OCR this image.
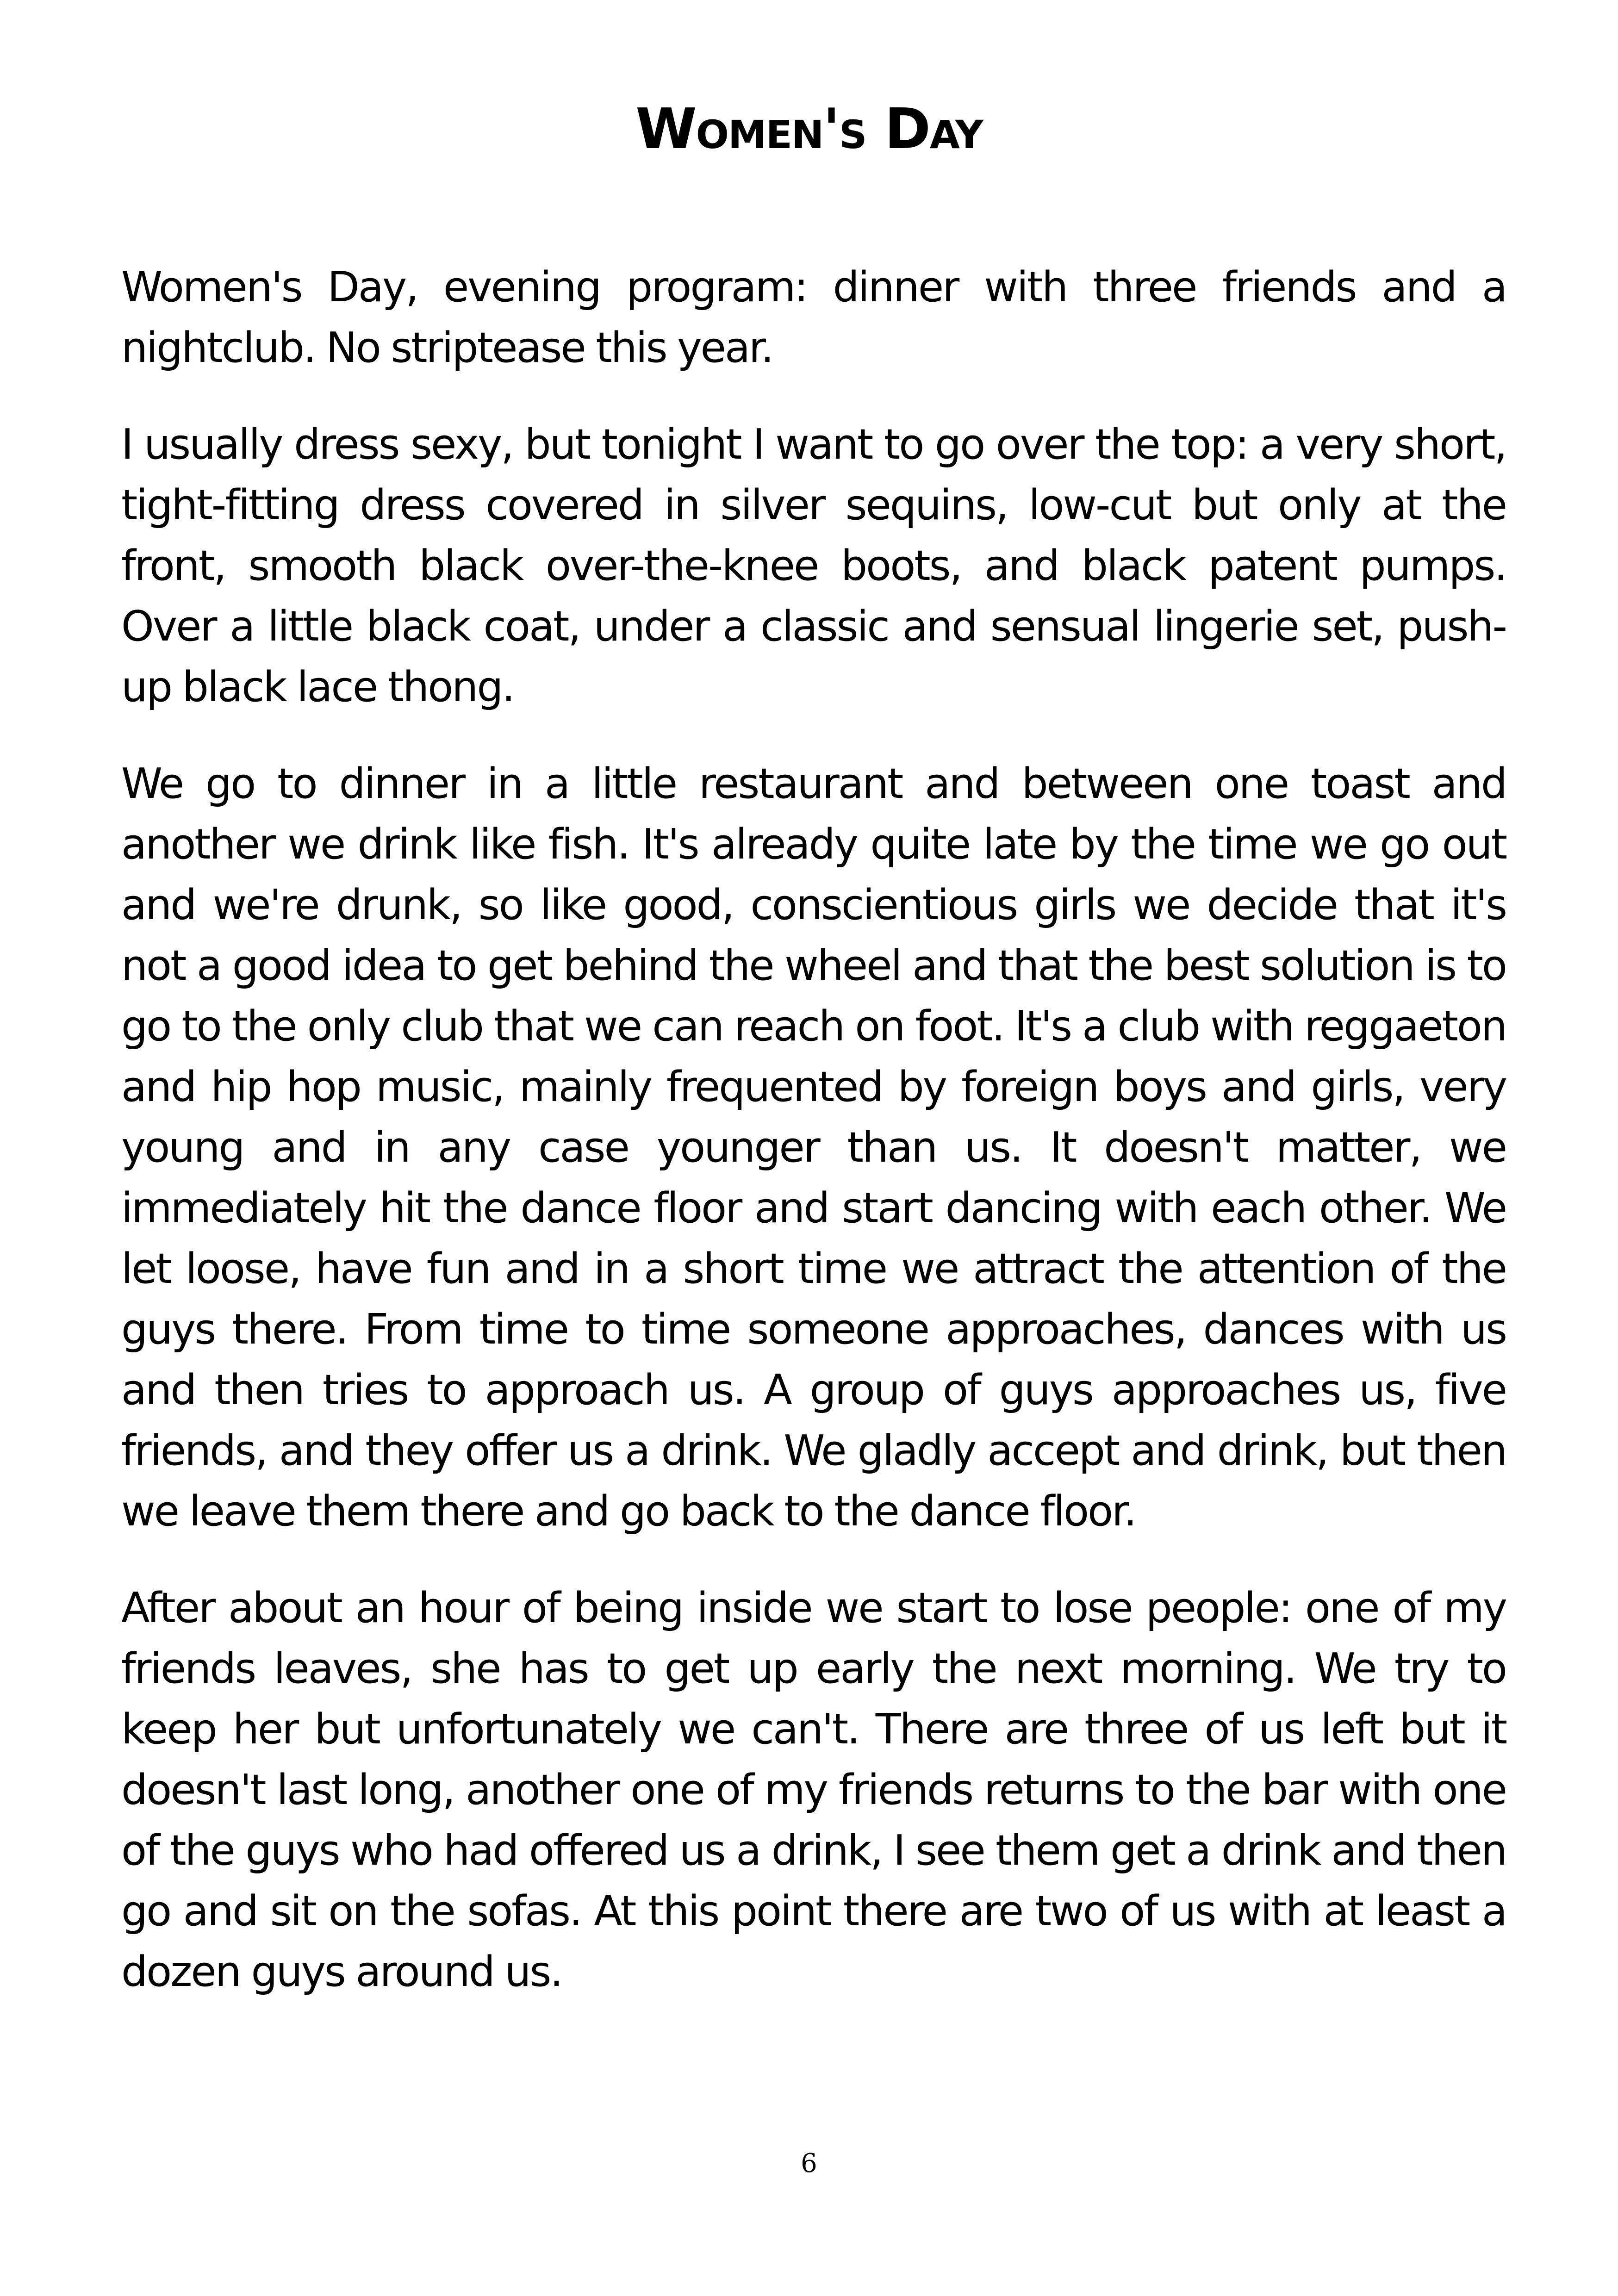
Women's Day

Women's Day, evening program: dinner with three friends and a nightclub. No striptease this year.

I usually dress sexy, but tonight I want to go over the top: a very short, tight-fitting dress covered in silver sequins, low-cut but only at the front, smooth black over-the-knee boots, and black patent pumps. Over a little black coat, under a classic and sensual lingerie set, push-up black lace thong.

We go to dinner in a little restaurant and between one toast and another we drink like fish. It's already quite late by the time we go out and we're drunk, so like good, conscientious girls we decide that it's not a good idea to get behind the wheel and that the best solution is to go to the only club that we can reach on foot. It's a club with reggaeton and hip hop music, mainly frequented by foreign boys and girls, very young and in any case younger than us. It doesn't matter, we immediately hit the dance floor and start dancing with each other. We let loose, have fun and in a short time we attract the attention of the guys there. From time to time someone approaches, dances with us and then tries to approach us. A group of guys approaches us, five friends, and they offer us a drink. We gladly accept and drink, but then we leave them there and go back to the dance floor.

After about an hour of being inside we start to lose people: one of my friends leaves, she has to get up early the next morning. We try to keep her but unfortunately we can't. There are three of us left but it doesn't last long, another one of my friends returns to the bar with one of the guys who had offered us a drink, I see them get a drink and then go and sit on the sofas. At this point there are two of us with at least a dozen guys around us.

6
